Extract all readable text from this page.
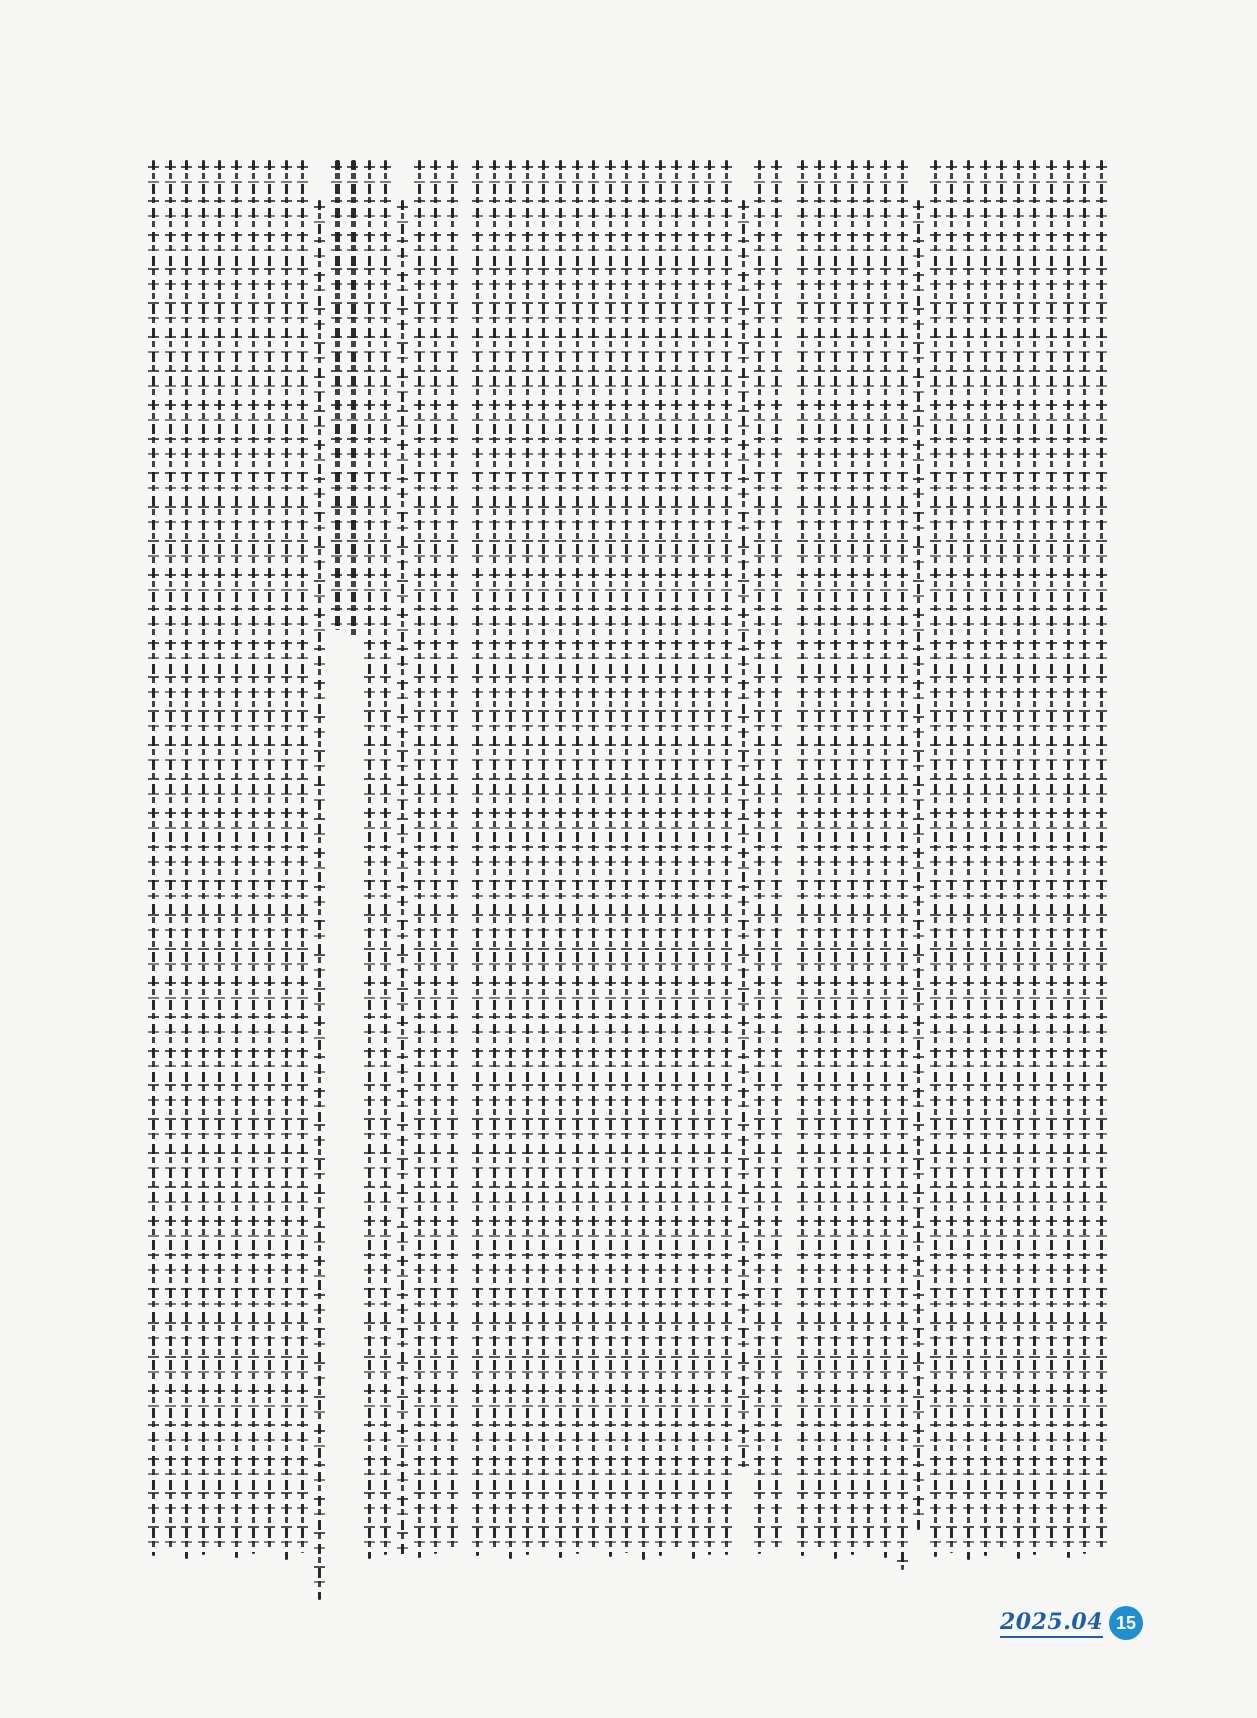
2025.04 15
